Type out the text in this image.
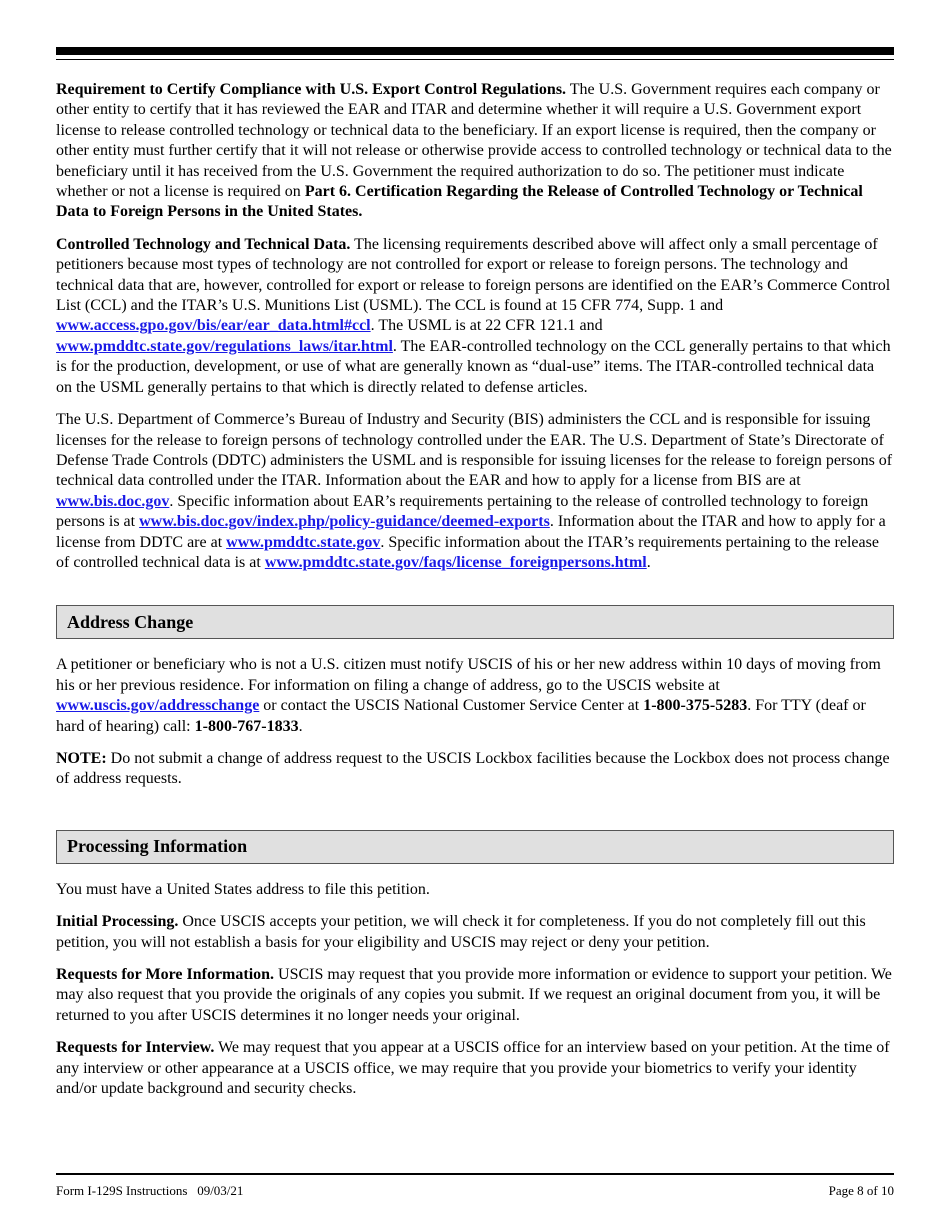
Requirement to Certify Compliance with U.S. Export Control Regulations. The U.S. Government requires each company or other entity to certify that it has reviewed the EAR and ITAR and determine whether it will require a U.S. Government export license to release controlled technology or technical data to the beneficiary. If an export license is required, then the company or other entity must further certify that it will not release or otherwise provide access to controlled technology or technical data to the beneficiary until it has received from the U.S. Government the required authorization to do so. The petitioner must indicate whether or not a license is required on Part 6. Certification Regarding the Release of Controlled Technology or Technical Data to Foreign Persons in the United States.

Controlled Technology and Technical Data. The licensing requirements described above will affect only a small percentage of petitioners because most types of technology are not controlled for export or release to foreign persons. The technology and technical data that are, however, controlled for export or release to foreign persons are identified on the EAR’s Commerce Control List (CCL) and the ITAR’s U.S. Munitions List (USML). The CCL is found at 15 CFR 774, Supp. 1 and www.access.gpo.gov/bis/ear/ear_data.html#ccl. The USML is at 22 CFR 121.1 and www.pmddtc.state.gov/regulations_laws/itar.html. The EAR-controlled technology on the CCL generally pertains to that which is for the production, development, or use of what are generally known as “dual-use” items. The ITAR-controlled technical data on the USML generally pertains to that which is directly related to defense articles.

The U.S. Department of Commerce’s Bureau of Industry and Security (BIS) administers the CCL and is responsible for issuing licenses for the release to foreign persons of technology controlled under the EAR. The U.S. Department of State’s Directorate of Defense Trade Controls (DDTC) administers the USML and is responsible for issuing licenses for the release to foreign persons of technical data controlled under the ITAR. Information about the EAR and how to apply for a license from BIS are at www.bis.doc.gov. Specific information about EAR’s requirements pertaining to the release of controlled technology to foreign persons is at www.bis.doc.gov/index.php/policy-guidance/deemed-exports. Information about the ITAR and how to apply for a license from DDTC are at www.pmddtc.state.gov. Specific information about the ITAR’s requirements pertaining to the release of controlled technical data is at www.pmddtc.state.gov/faqs/license_foreignpersons.html.

Address Change

A petitioner or beneficiary who is not a U.S. citizen must notify USCIS of his or her new address within 10 days of moving from his or her previous residence. For information on filing a change of address, go to the USCIS website at www.uscis.gov/addresschange or contact the USCIS National Customer Service Center at 1-800-375-5283. For TTY (deaf or hard of hearing) call: 1-800-767-1833.

NOTE: Do not submit a change of address request to the USCIS Lockbox facilities because the Lockbox does not process change of address requests.

Processing Information

You must have a United States address to file this petition.

Initial Processing. Once USCIS accepts your petition, we will check it for completeness. If you do not completely fill out this petition, you will not establish a basis for your eligibility and USCIS may reject or deny your petition.

Requests for More Information. USCIS may request that you provide more information or evidence to support your petition. We may also request that you provide the originals of any copies you submit. If we request an original document from you, it will be returned to you after USCIS determines it no longer needs your original.

Requests for Interview. We may request that you appear at a USCIS office for an interview based on your petition. At the time of any interview or other appearance at a USCIS office, we may require that you provide your biometrics to verify your identity and/or update background and security checks.

Form I-129S Instructions   09/03/21	Page 8 of 10
